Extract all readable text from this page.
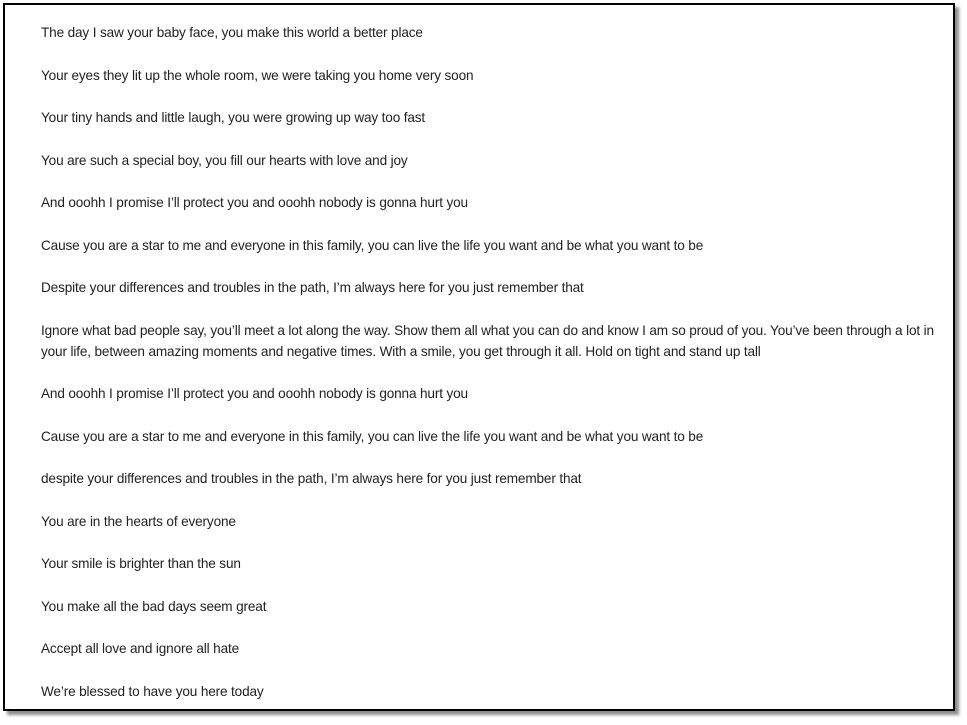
The day I saw your baby face, you make this world a better place

Your eyes they lit up the whole room, we were taking you home very soon

Your tiny hands and little laugh, you were growing up way too fast

You are such a special boy, you fill our hearts with love and joy

And ooohh I promise I’ll protect you and ooohh nobody is gonna hurt you

Cause you are a star to me and everyone in this family, you can live the life you want and be what you want to be

Despite your differences and troubles in the path, I’m always here for you just remember that

Ignore what bad people say, you’ll meet a lot along the way. Show them all what you can do and know I am so proud of you. You’ve been through a lot in your life, between amazing moments and negative times. With a smile, you get through it all. Hold on tight and stand up tall

And ooohh I promise I’ll protect you and ooohh nobody is gonna hurt you

Cause you are a star to me and everyone in this family, you can live the life you want and be what you want to be

despite your differences and troubles in the path, I’m always here for you just remember that

You are in the hearts of everyone

Your smile is brighter than the sun

You make all the bad days seem great

Accept all love and ignore all hate

We’re blessed to have you here today
